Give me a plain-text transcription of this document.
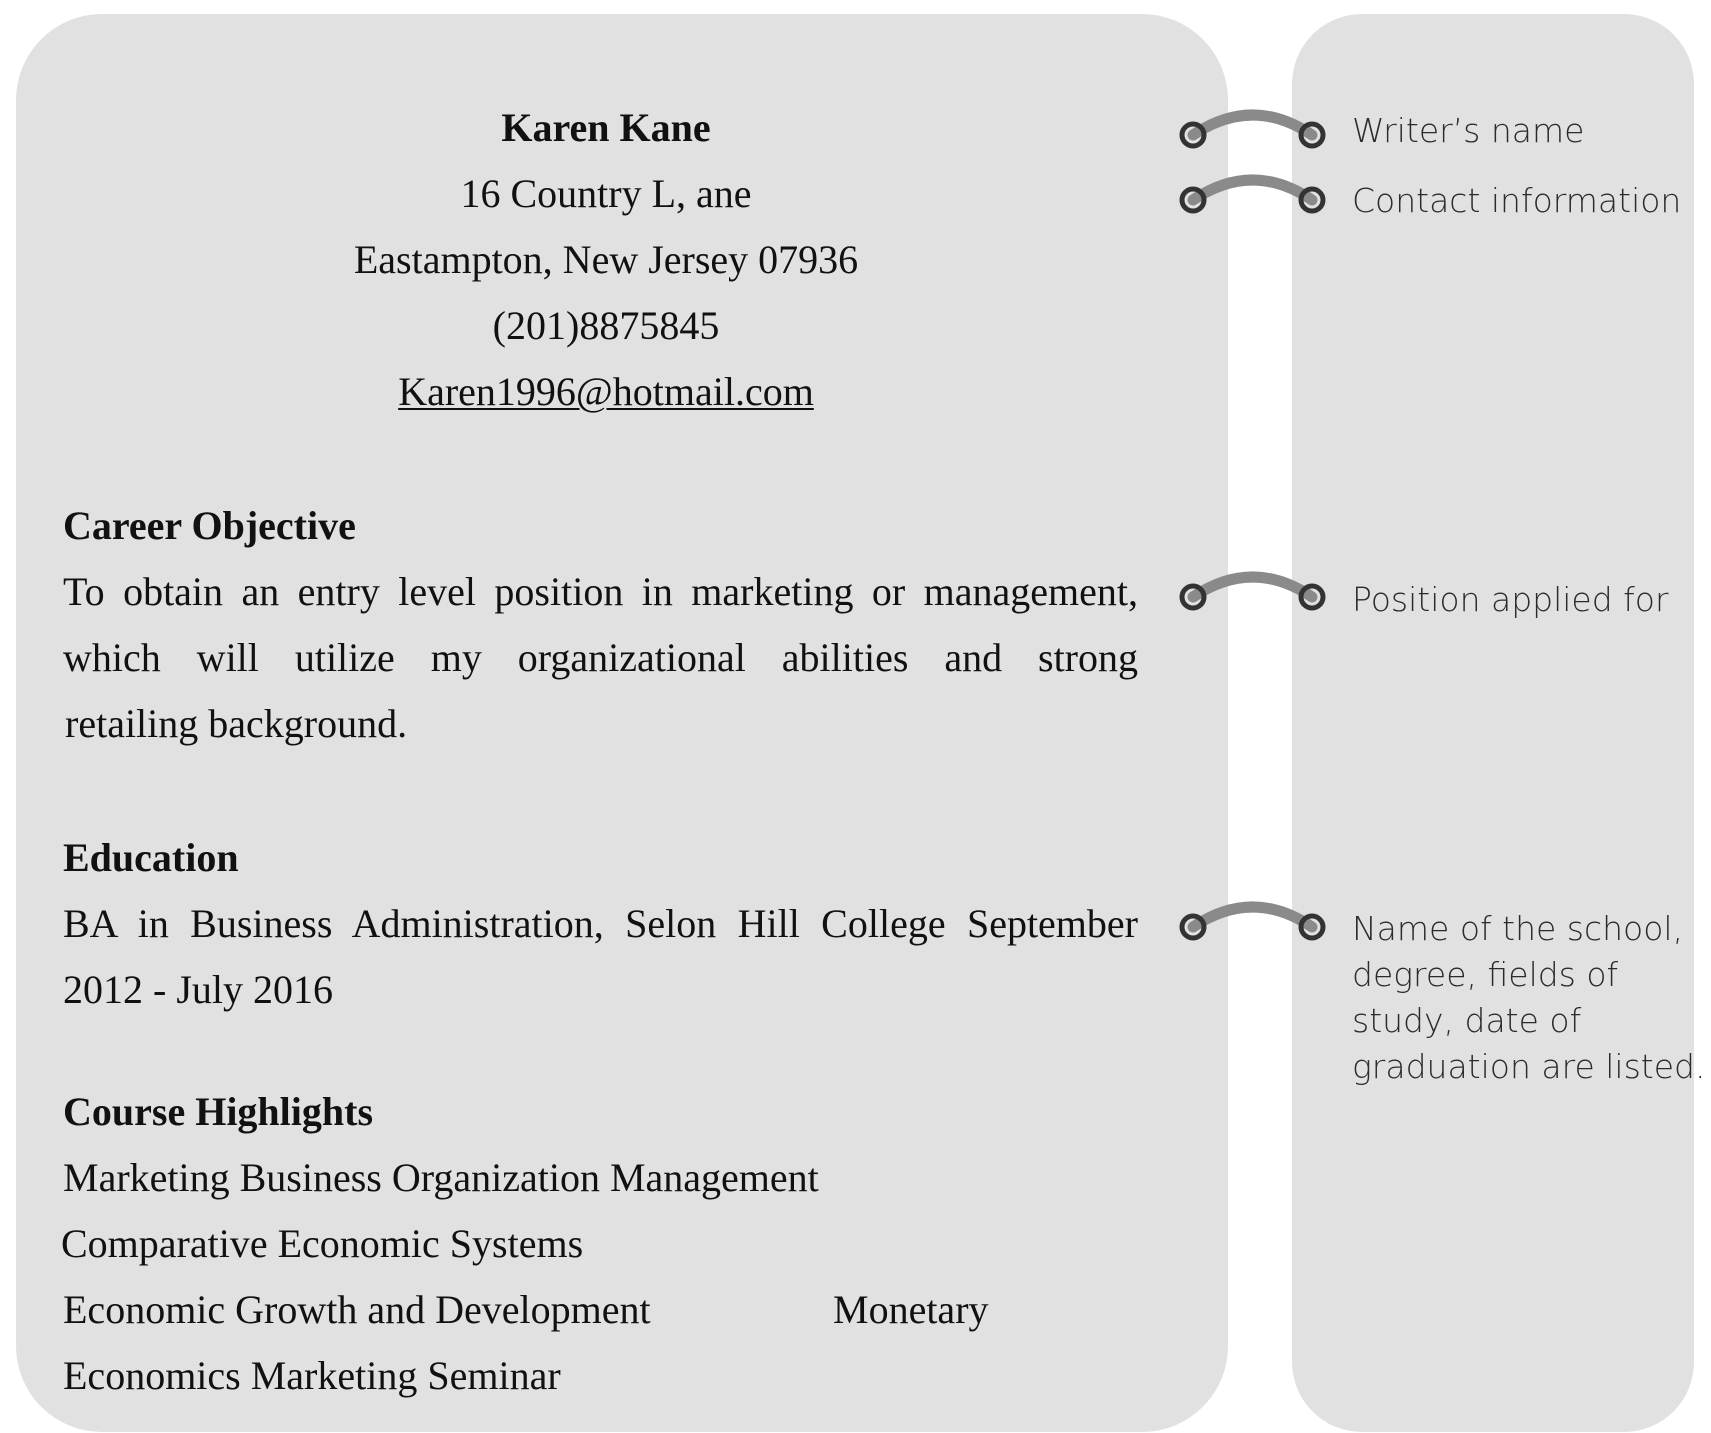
Karen Kane

16 Country L, ane

Eastampton, New Jersey 07936

(201)8875845

Karen1996@hotmail.com

Career Objective

To obtain an entry level position in marketing or management,

which will utilize my organizational abilities and strong

retailing background.

Education

BA in Business Administration, Selon Hill College September

2012 - July 2016

Course Highlights

Marketing Business Organization Management

Comparative Economic Systems

Economic Growth and Development	Monetary

Economics Marketing Seminar

Writer’s name

Contact information

Position applied for

Name of the school,
degree, fields of
study, date of
graduation are listed.
